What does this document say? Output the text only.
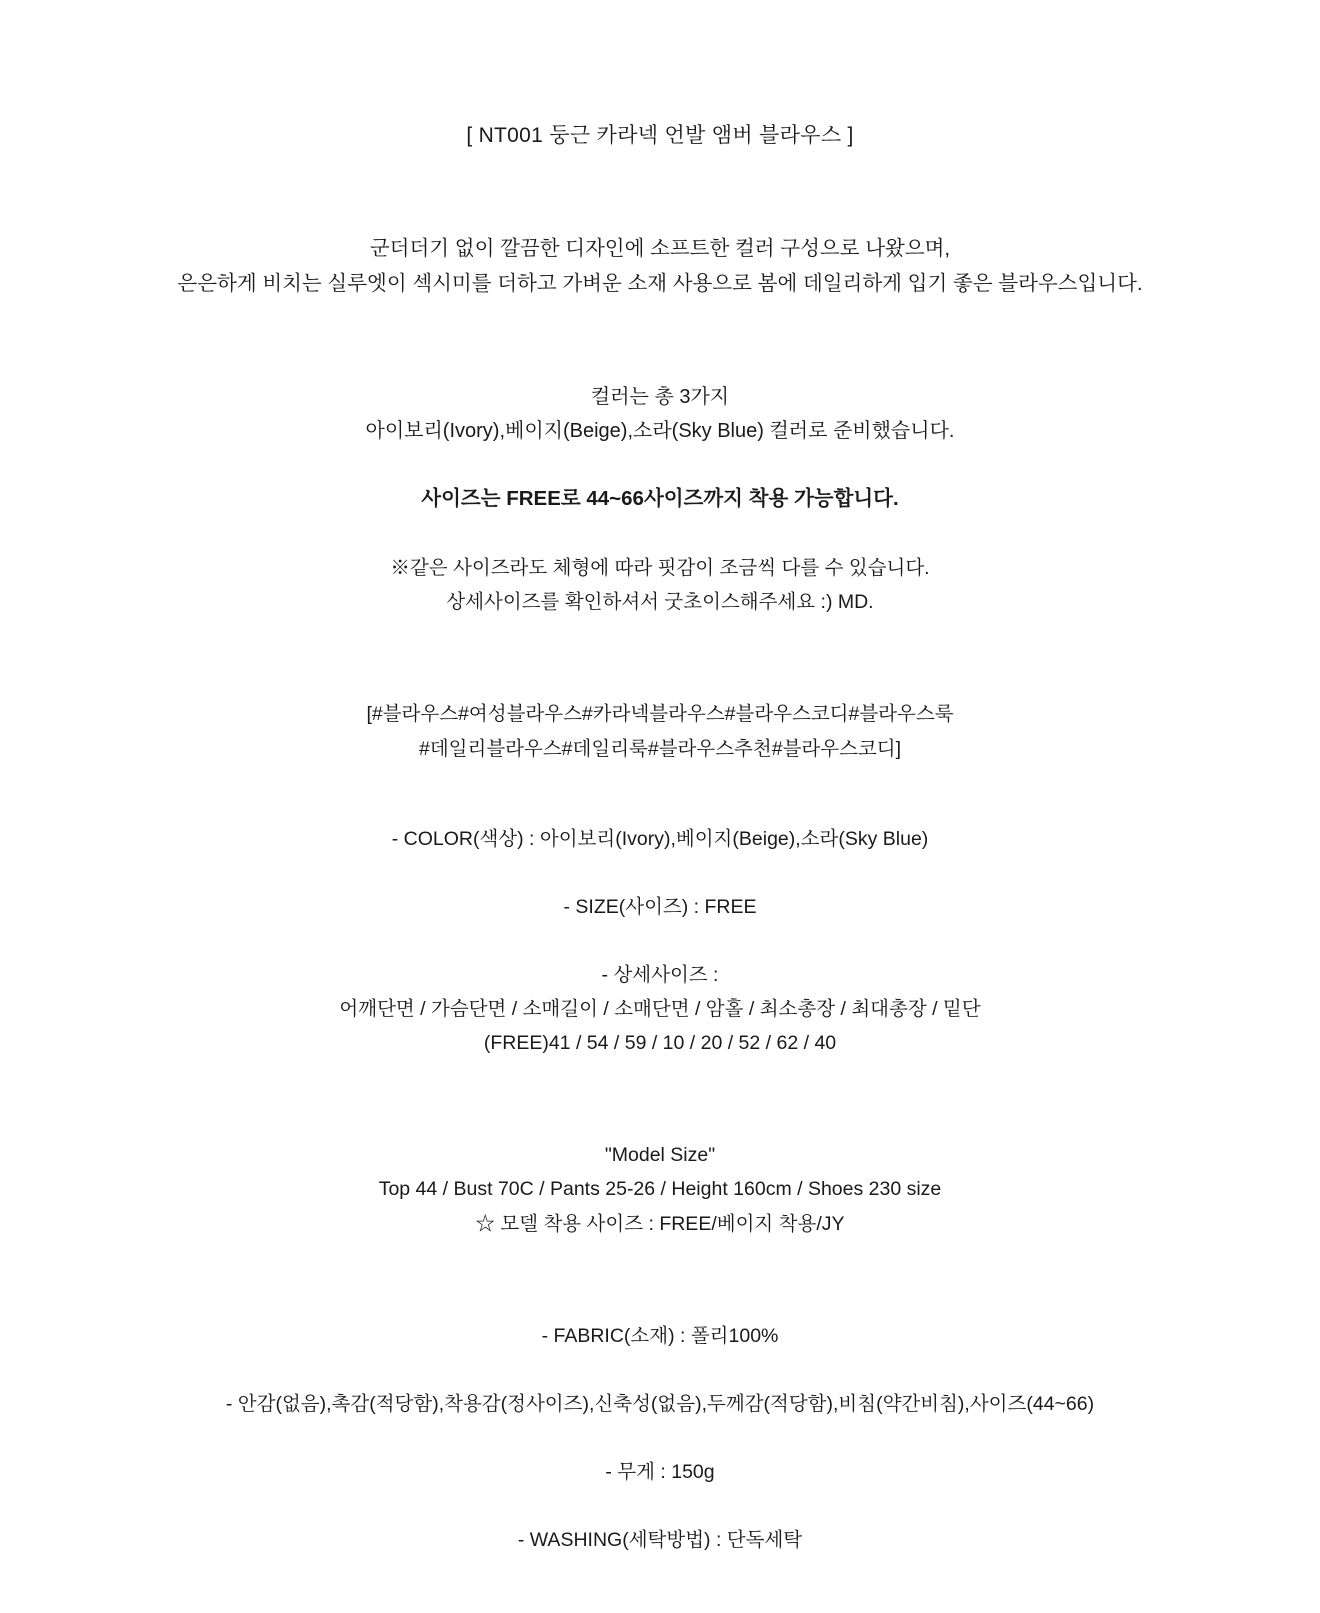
[ NT001 둥근 카라넥 언발 앰버 블라우스 ]
군더더기 없이 깔끔한 디자인에 소프트한 컬러 구성으로 나왔으며,
은은하게 비치는 실루엣이 섹시미를 더하고 가벼운 소재 사용으로 봄에 데일리하게 입기 좋은 블라우스입니다.
컬러는 총 3가지
아이보리(Ivory),베이지(Beige),소라(Sky Blue) 컬러로 준비했습니다.
사이즈는 FREE로 44~66사이즈까지 착용 가능합니다.
※같은 사이즈라도 체형에 따라 핏감이 조금씩 다를 수 있습니다.
상세사이즈를 확인하셔서 굿초이스해주세요 :) MD.
[#블라우스#여성블라우스#카라넥블라우스#블라우스코디#블라우스룩
#데일리블라우스#데일리룩#블라우스추천#블라우스코디]
- COLOR(색상) : 아이보리(Ivory),베이지(Beige),소라(Sky Blue)
- SIZE(사이즈) : FREE
- 상세사이즈 :
어깨단면 / 가슴단면 / 소매길이 / 소매단면 / 암홀 / 최소총장 / 최대총장 / 밑단
(FREE)41 / 54 / 59 / 10 / 20 / 52 / 62 / 40
"Model Size"
Top 44 / Bust 70C / Pants 25-26 / Height 160cm / Shoes 230 size
☆ 모델 착용 사이즈 : FREE/베이지 착용/JY
- FABRIC(소재) : 폴리100%
- 안감(없음),촉감(적당함),착용감(정사이즈),신축성(없음),두께감(적당함),비침(약간비침),사이즈(44~66)
- 무게 : 150g
- WASHING(세탁방법) : 단독세탁
